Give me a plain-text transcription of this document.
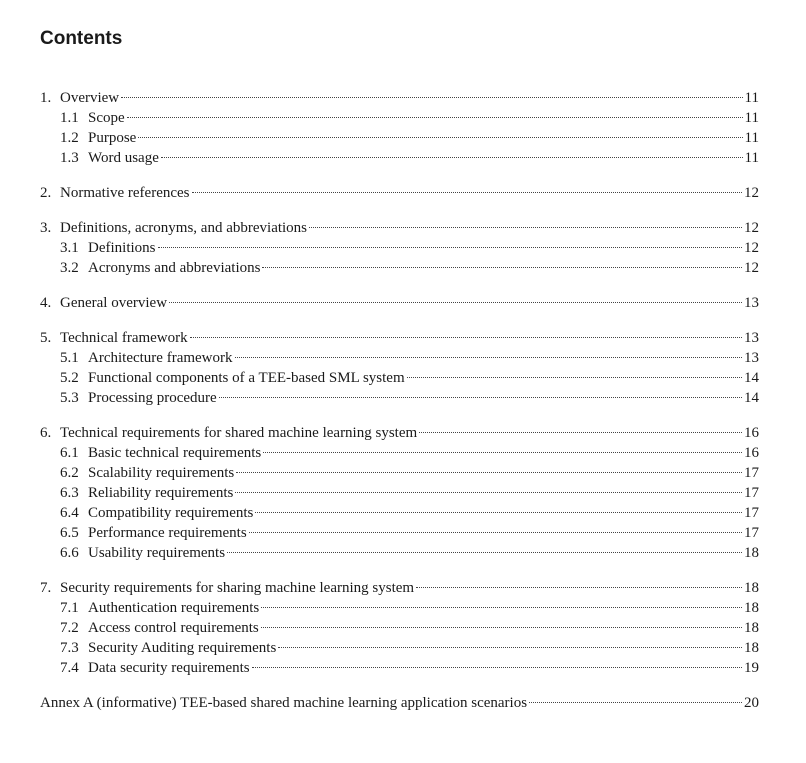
Contents
1. Overview	11
1.1 Scope	11
1.2 Purpose	11
1.3 Word usage	11
2. Normative references	12
3. Definitions, acronyms, and abbreviations	12
3.1 Definitions	12
3.2 Acronyms and abbreviations	12
4. General overview	13
5. Technical framework	13
5.1 Architecture framework	13
5.2 Functional components of a TEE-based SML system	14
5.3 Processing procedure	14
6. Technical requirements for shared machine learning system	16
6.1 Basic technical requirements	16
6.2 Scalability requirements	17
6.3 Reliability requirements	17
6.4 Compatibility requirements	17
6.5 Performance requirements	17
6.6 Usability requirements	18
7. Security requirements for sharing machine learning system	18
7.1 Authentication requirements	18
7.2 Access control requirements	18
7.3 Security Auditing requirements	18
7.4 Data security requirements	19
Annex A (informative) TEE-based shared machine learning application scenarios	20
